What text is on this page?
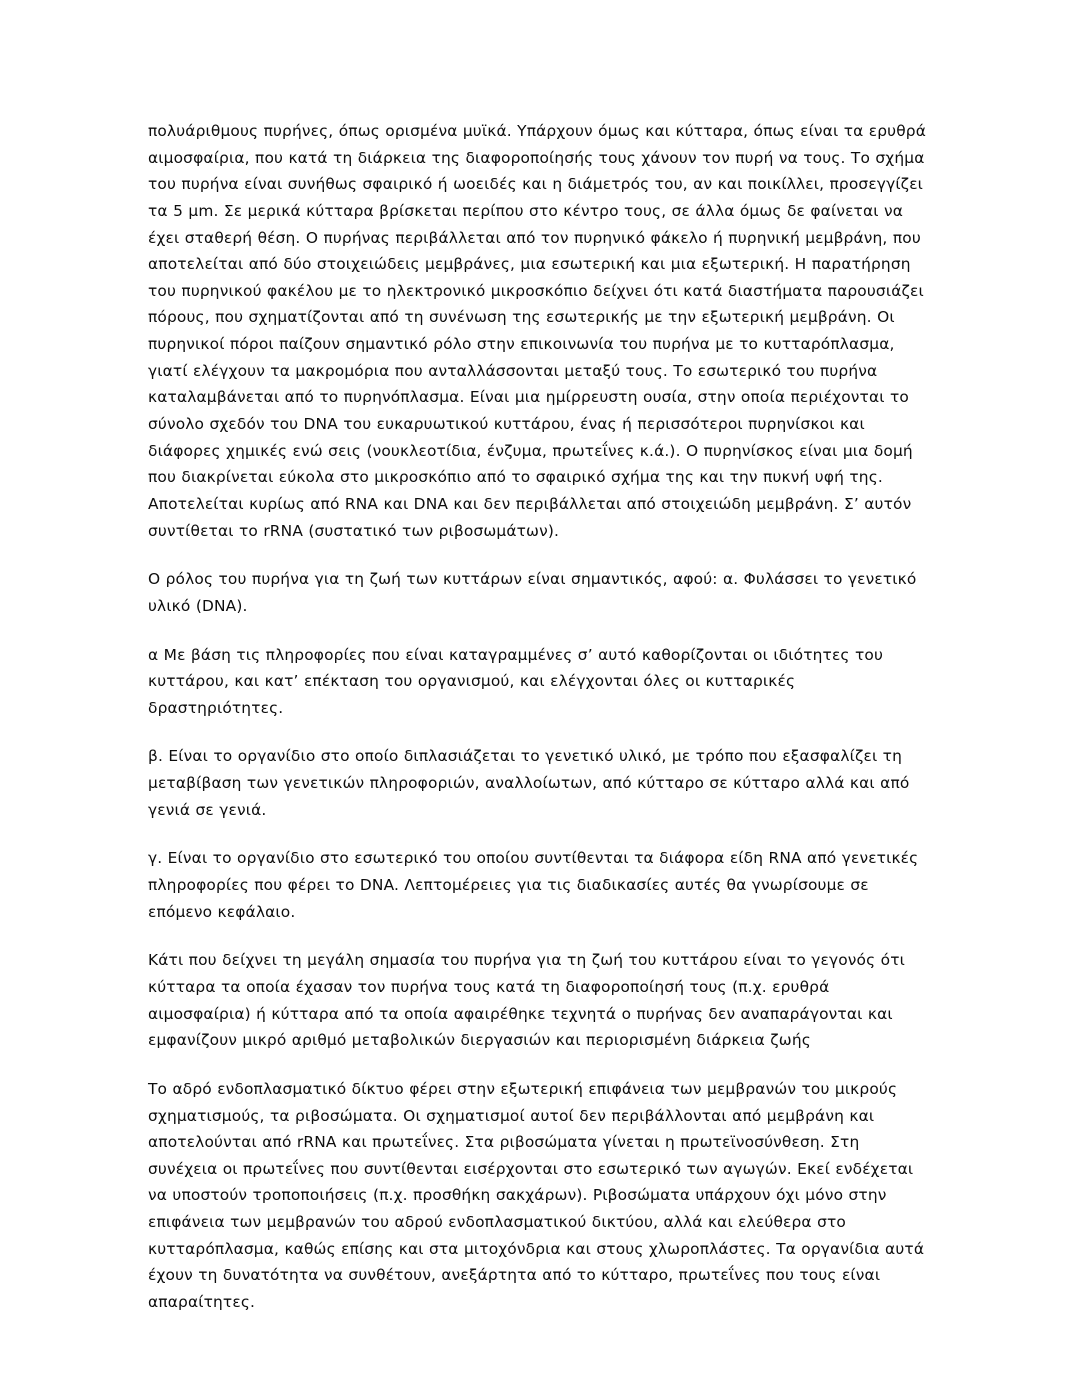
πολυάριθμους πυρήνες, όπως ορισμένα μυϊκά. Υπάρχουν όμως και κύτταρα, όπως είναι τα ερυθρά αιμοσφαίρια, που κατά τη διάρκεια της διαφοροποίησής τους χάνουν τον πυρή να τους. Το σχήμα του πυρήνα είναι συνήθως σφαιρικό ή ωοειδές και η διάμετρός του, αν και ποικίλλει, προσεγγίζει τα 5 μm. Σε μερικά κύτταρα βρίσκεται περίπου στο κέντρο τους, σε άλλα όμως δε φαίνεται να έχει σταθερή θέση. Ο πυρήνας περιβάλλεται από τον πυρηνικό φάκελο ή πυρηνική μεμβράνη, που αποτελείται από δύο στοιχειώδεις μεμβράνες, μια εσωτερική και μια εξωτερική. Η παρατήρηση του πυρηνικού φακέλου με το ηλεκτρονικό μικροσκόπιο δείχνει ότι κατά διαστήματα παρουσιάζει πόρους, που σχηματίζονται από τη συνένωση της εσωτερικής με την εξωτερική μεμβράνη. Οι πυρηνικοί πόροι παίζουν σημαντικό ρόλο στην επικοινωνία του πυρήνα με το κυτταρόπλασμα, γιατί ελέγχουν τα μακρομόρια που ανταλλάσσονται μεταξύ τους. Το εσωτερικό του πυρήνα καταλαμβάνεται από το πυρηνόπλασμα. Είναι μια ημίρρευστη ουσία, στην οποία περιέχονται το σύνολο σχεδόν του DNA του ευκαρυωτικού κυττάρου, ένας ή περισσότεροι πυρηνίσκοι και διάφορες χημικές ενώ σεις (νουκλεοτίδια, ένζυμα, πρωτεΐνες κ.ά.). Ο πυρηνίσκος είναι μια δομή που διακρίνεται εύκολα στο μικροσκόπιο από το σφαιρικό σχήμα της και την πυκνή υφή της. Αποτελείται κυρίως από RNA και DNA και δεν περιβάλλεται από στοιχειώδη μεμβράνη. Σ’ αυτόν συντίθεται το rRNA (συστατικό των ριβοσωμάτων).

Ο ρόλος του πυρήνα για τη ζωή των κυττάρων είναι σημαντικός, αφού: α. Φυλάσσει το γενετικό υλικό (DNA).

α Με βάση τις πληροφορίες που είναι καταγραμμένες σ’ αυτό καθορίζονται οι ιδιότητες του κυττάρου, και κατ’ επέκταση του οργανισμού, και ελέγχονται όλες οι κυτταρικές δραστηριότητες.

β. Είναι το οργανίδιο στο οποίο διπλασιάζεται το γενετικό υλικό, με τρόπο που εξασφαλίζει τη μεταβίβαση των γενετικών πληροφοριών, αναλλοίωτων, από κύτταρο σε κύτταρο αλλά και από γενιά σε γενιά.

γ. Είναι το οργανίδιο στο εσωτερικό του οποίου συντίθενται τα διάφορα είδη RNA από γενετικές πληροφορίες που φέρει το DNA. Λεπτομέρειες για τις διαδικασίες αυτές θα γνωρίσουμε σε επόμενο κεφάλαιο.

Κάτι που δείχνει τη μεγάλη σημασία του πυρήνα για τη ζωή του κυττάρου είναι το γεγονός ότι κύτταρα τα οποία έχασαν τον πυρήνα τους κατά τη διαφοροποίησή τους (π.χ. ερυθρά αιμοσφαίρια) ή κύτταρα από τα οποία αφαιρέθηκε τεχνητά ο πυρήνας δεν αναπαράγονται και εμφανίζουν μικρό αριθμό μεταβολικών διεργασιών και περιορισμένη διάρκεια ζωής

Το αδρό ενδοπλασματικό δίκτυο φέρει στην εξωτερική επιφάνεια των μεμβρανών του μικρούς σχηματισμούς, τα ριβοσώματα. Οι σχηματισμοί αυτοί δεν περιβάλλονται από μεμβράνη και αποτελούνται από rRNA και πρωτεΐνες. Στα ριβοσώματα γίνεται η πρωτεϊνοσύνθεση. Στη συνέχεια οι πρωτεΐνες που συντίθενται εισέρχονται στο εσωτερικό των αγωγών. Εκεί ενδέχεται να υποστούν τροποποιήσεις (π.χ. προσθήκη σακχάρων). Ριβοσώματα υπάρχουν όχι μόνο στην επιφάνεια των μεμβρανών του αδρού ενδοπλασματικού δικτύου, αλλά και ελεύθερα στο κυτταρόπλασμα, καθώς επίσης και στα μιτοχόνδρια και στους χλωροπλάστες. Τα οργανίδια αυτά έχουν τη δυνατότητα να συνθέτουν, ανεξάρτητα από το κύτταρο, πρωτεΐνες που τους είναι απαραίτητες.
